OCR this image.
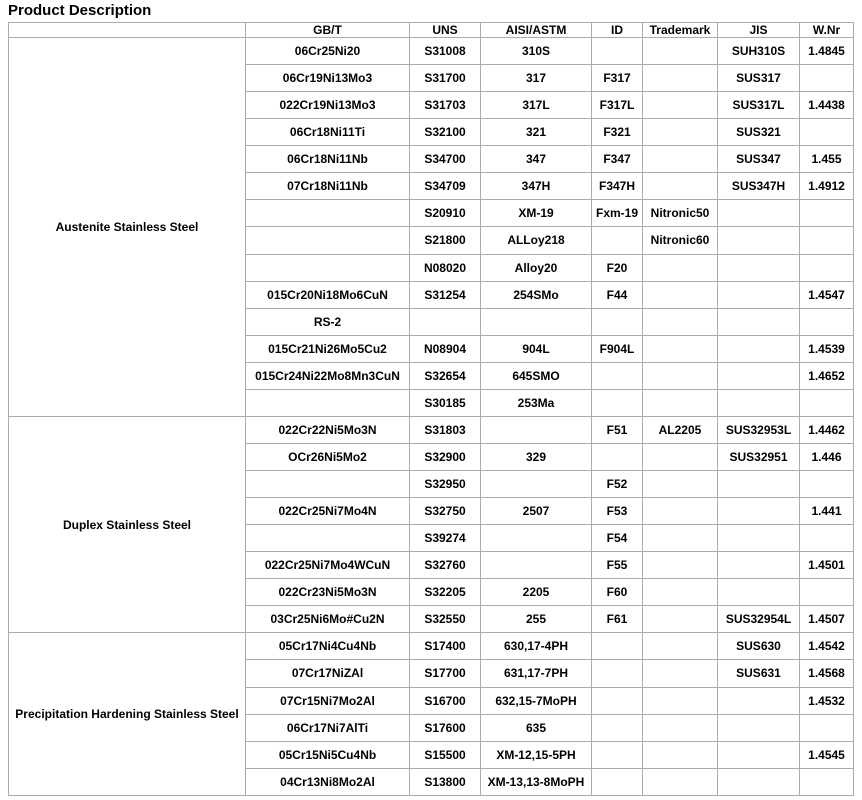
Product Description
	GB/T	UNS	AISI/ASTM	ID	Trademark	JIS	W.Nr
Austenite Stainless Steel	06Cr25Ni20	S31008	310S			SUH310S	1.4845
	06Cr19Ni13Mo3	S31700	317	F317		SUS317	
	022Cr19Ni13Mo3	S31703	317L	F317L		SUS317L	1.4438
	06Cr18Ni11Ti	S32100	321	F321		SUS321	
	06Cr18Ni11Nb	S34700	347	F347		SUS347	1.455
	07Cr18Ni11Nb	S34709	347H	F347H		SUS347H	1.4912
		S20910	XM-19	Fxm-19	Nitronic50		
		S21800	ALLoy218		Nitronic60		
		N08020	Alloy20	F20			
	015Cr20Ni18Mo6CuN	S31254	254SMo	F44			1.4547
	RS-2						
	015Cr21Ni26Mo5Cu2	N08904	904L	F904L			1.4539
	015Cr24Ni22Mo8Mn3CuN	S32654	645SMO				1.4652
		S30185	253Ma				
Duplex Stainless Steel	022Cr22Ni5Mo3N	S31803		F51	AL2205	SUS32953L	1.4462
	OCr26Ni5Mo2	S32900	329			SUS32951	1.446
		S32950		F52			
	022Cr25Ni7Mo4N	S32750	2507	F53			1.441
		S39274		F54			
	022Cr25Ni7Mo4WCuN	S32760		F55			1.4501
	022Cr23Ni5Mo3N	S32205	2205	F60			
	03Cr25Ni6Mo#Cu2N	S32550	255	F61		SUS32954L	1.4507
Precipitation Hardening Stainless Steel	05Cr17Ni4Cu4Nb	S17400	630,17-4PH			SUS630	1.4542
	07Cr17NiZAl	S17700	631,17-7PH			SUS631	1.4568
	07Cr15Ni7Mo2Al	S16700	632,15-7MoPH				1.4532
	06Cr17Ni7AlTi	S17600	635				
	05Cr15Ni5Cu4Nb	S15500	XM-12,15-5PH				1.4545
	04Cr13Ni8Mo2Al	S13800	XM-13,13-8MoPH				
